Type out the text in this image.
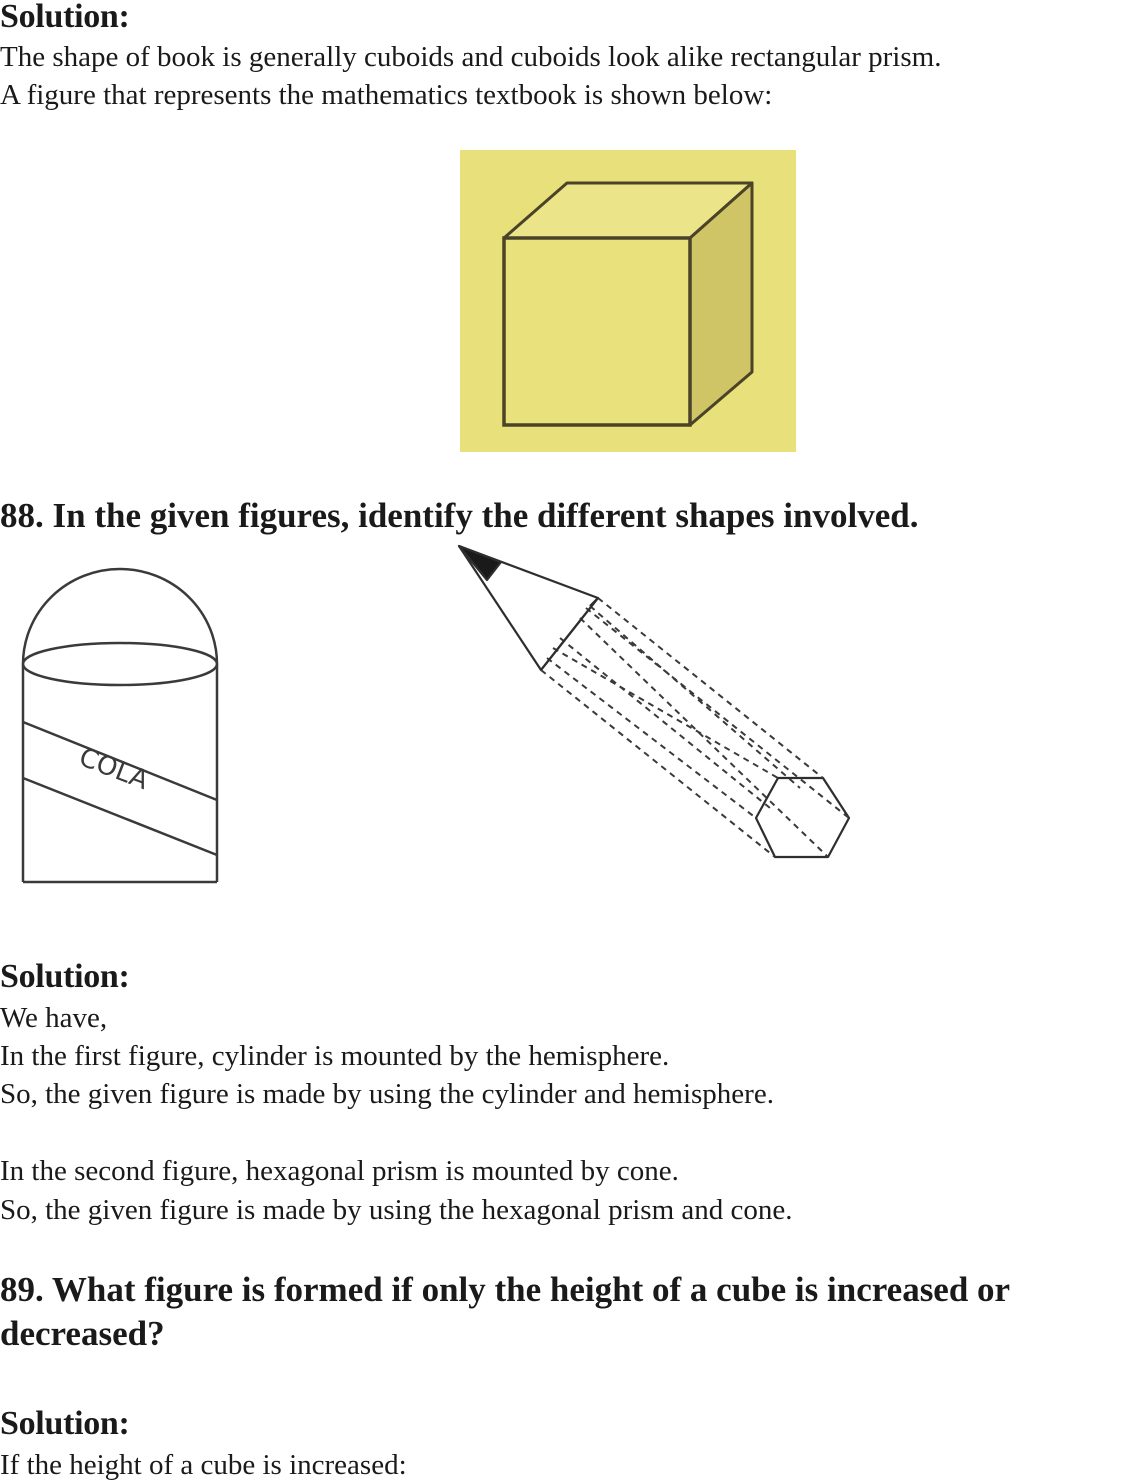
Solution:
The shape of book is generally cuboids and cuboids look alike rectangular prism.
A figure that represents the mathematics textbook is shown below:
88. In the given figures, identify the different shapes involved.
COLA
Solution:
We have,
In the first figure, cylinder is mounted by the hemisphere.
So, the given figure is made by using the cylinder and hemisphere.
In the second figure, hexagonal prism is mounted by cone.
So, the given figure is made by using the hexagonal prism and cone.
89. What figure is formed if only the height of a cube is increased or
decreased?
Solution:
If the height of a cube is increased:
